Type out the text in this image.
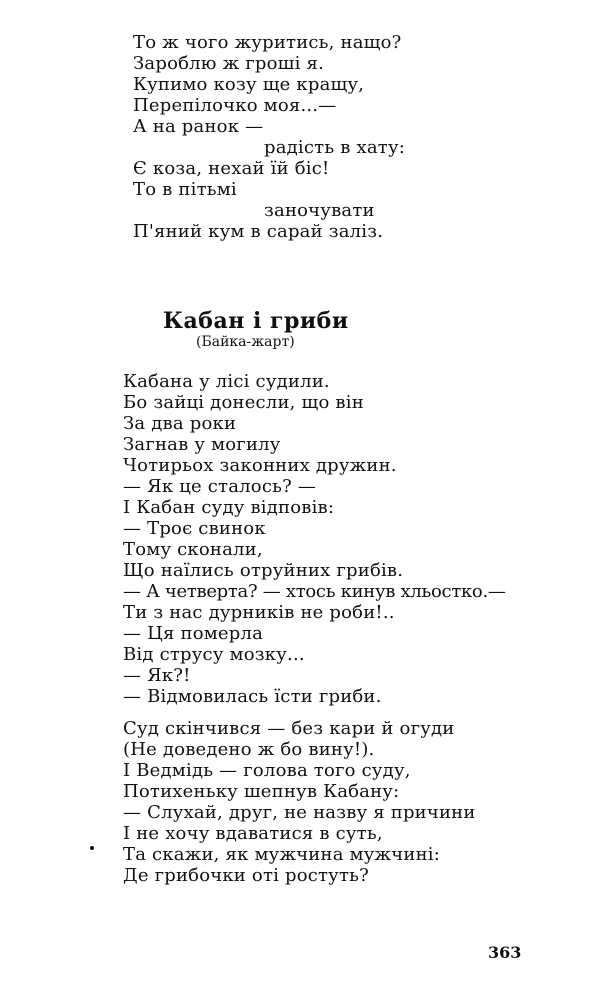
То ж чого журитись, нащо?
Зароблю ж гроші я.
Купимо козу ще кращу,
Перепілочко моя...—
А на ранок —
радість в хату:
Є коза, нехай їй біс!
То в пітьмі
заночувати
П'яний кум в сарай заліз.
Кабан і гриби
(Байка-жарт)
Кабана у лісі судили.
Бо зайці донесли, що він
За два роки
Загнав у могилу
Чотирьох законних дружин.
— Як це сталось? —
І Кабан суду відповів:
— Троє свинок
Тому сконали,
Що наїлись отруйних грибів.
— А четверта? — хтось кинув хльостко.—
Ти з нас дурників не роби!..
— Ця померла
Від струсу мозку...
— Як?!
— Відмовилась їсти гриби.
Суд скінчився — без кари й огуди
(Не доведено ж бо вину!).
І Ведмідь — голова того суду,
Потихеньку шепнув Кабану:
— Слухай, друг, не назву я причини
І не хочу вдаватися в суть,
Та скажи, як мужчина мужчині:
Де грибочки оті ростуть?
363
